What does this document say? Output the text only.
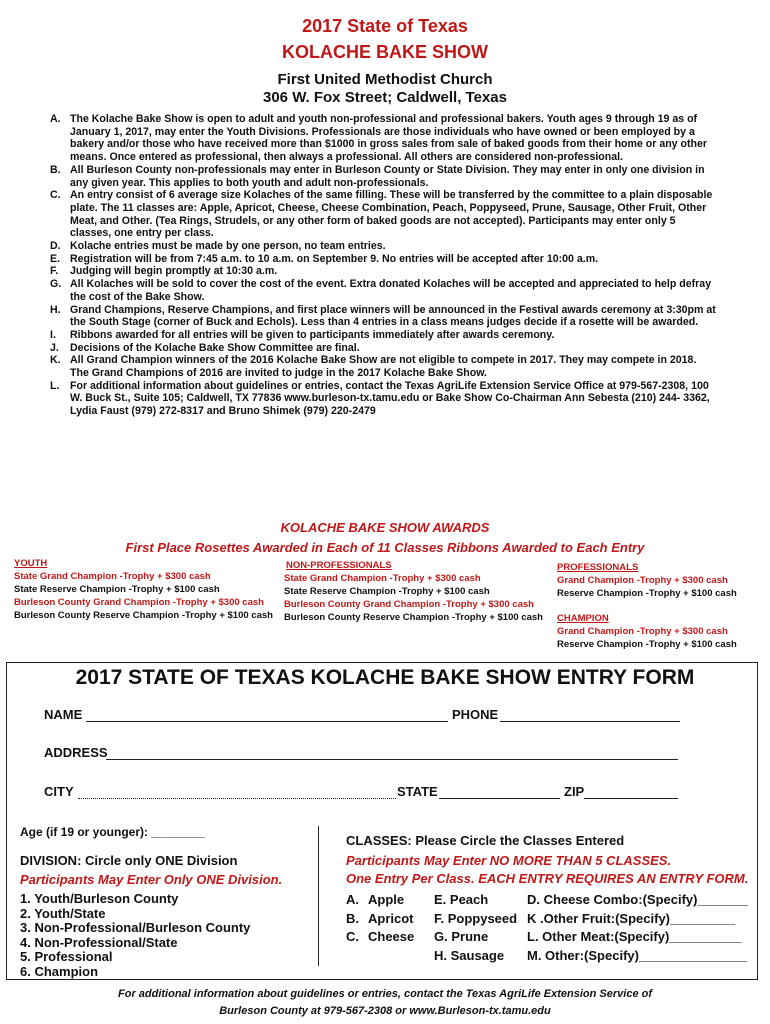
2017 State of Texas
KOLACHE BAKE SHOW
First United Methodist Church
306 W. Fox Street; Caldwell, Texas
A. The Kolache Bake Show is open to adult and youth non-professional and professional bakers. Youth ages 9 through 19 as of January 1, 2017, may enter the Youth Divisions. Professionals are those individuals who have owned or been employed by a bakery and/or those who have received more than $1000 in gross sales from sale of baked goods from their home or any other means. Once entered as professional, then always a professional. All others are considered non-professional.
B. All Burleson County non-professionals may enter in Burleson County or State Division. They may enter in only one division in any given year. This applies to both youth and adult non-professionals.
C. An entry consist of 6 average size Kolaches of the same filling. These will be transferred by the committee to a plain disposable plate. The 11 classes are: Apple, Apricot, Cheese, Cheese Combination, Peach, Poppyseed, Prune, Sausage, Other Fruit, Other Meat, and Other. (Tea Rings, Strudels, or any other form of baked goods are not accepted). Participants may enter only 5 classes, one entry per class.
D. Kolache entries must be made by one person, no team entries.
E. Registration will be from 7:45 a.m. to 10 a.m. on September 9. No entries will be accepted after 10:00 a.m.
F. Judging will begin promptly at 10:30 a.m.
G. All Kolaches will be sold to cover the cost of the event. Extra donated Kolaches will be accepted and appreciated to help defray the cost of the Bake Show.
H. Grand Champions, Reserve Champions, and first place winners will be announced in the Festival awards ceremony at 3:30pm at the South Stage (corner of Buck and Echols). Less than 4 entries in a class means judges decide if a rosette will be awarded.
I. Ribbons awarded for all entries will be given to participants immediately after awards ceremony.
J. Decisions of the Kolache Bake Show Committee are final.
K. All Grand Champion winners of the 2016 Kolache Bake Show are not eligible to compete in 2017. They may compete in 2018. The Grand Champions of 2016 are invited to judge in the 2017 Kolache Bake Show.
L. For additional information about guidelines or entries, contact the Texas AgriLife Extension Service Office at 979-567-2308, 100 W. Buck St., Suite 105; Caldwell, TX 77836 www.burleson-tx.tamu.edu or Bake Show Co-Chairman Ann Sebesta (210) 244- 3362, Lydia Faust (979) 272-8317 and Bruno Shimek (979) 220-2479
KOLACHE BAKE SHOW AWARDS
First Place Rosettes Awarded in Each of 11 Classes Ribbons Awarded to Each Entry
YOUTH
State Grand Champion -Trophy + $300 cash
State Reserve Champion -Trophy + $100 cash
Burleson County Grand Champion -Trophy + $300 cash
Burleson County Reserve Champion -Trophy + $100 cash
NON-PROFESSIONALS
State Grand Champion -Trophy + $300 cash
State Reserve Champion -Trophy + $100 cash
Burleson County Grand Champion -Trophy + $300 cash
Burleson County Reserve Champion -Trophy + $100 cash
PROFESSIONALS
Grand Champion -Trophy + $300 cash
Reserve Champion -Trophy + $100 cash
CHAMPION
Grand Champion -Trophy + $300 cash
Reserve Champion -Trophy + $100 cash
2017 STATE OF TEXAS KOLACHE BAKE SHOW ENTRY FORM
NAME	PHONE
ADDRESS
CITY	STATE	ZIP
Age (if 19 or younger): ________
DIVISION: Circle only ONE Division
Participants May Enter Only ONE Division.
1. Youth/Burleson County
2. Youth/State
3. Non-Professional/Burleson County
4. Non-Professional/State
5. Professional
6. Champion
CLASSES: Please Circle the Classes Entered
Participants May Enter NO MORE THAN 5 CLASSES.
One Entry Per Class. EACH ENTRY REQUIRES AN ENTRY FORM.
A. Apple E. Peach	D. Cheese Combo:(Specify)_______
B. Apricot F. Poppyseed K .Other Fruit:(Specify)_________
C. Cheese G. Prune	L. Other Meat:(Specify)__________
H. Sausage M. Other:(Specify)_______________
For additional information about guidelines or entries, contact the Texas AgriLife Extension Service of
Burleson County at 979-567-2308 or www.Burleson-tx.tamu.edu
